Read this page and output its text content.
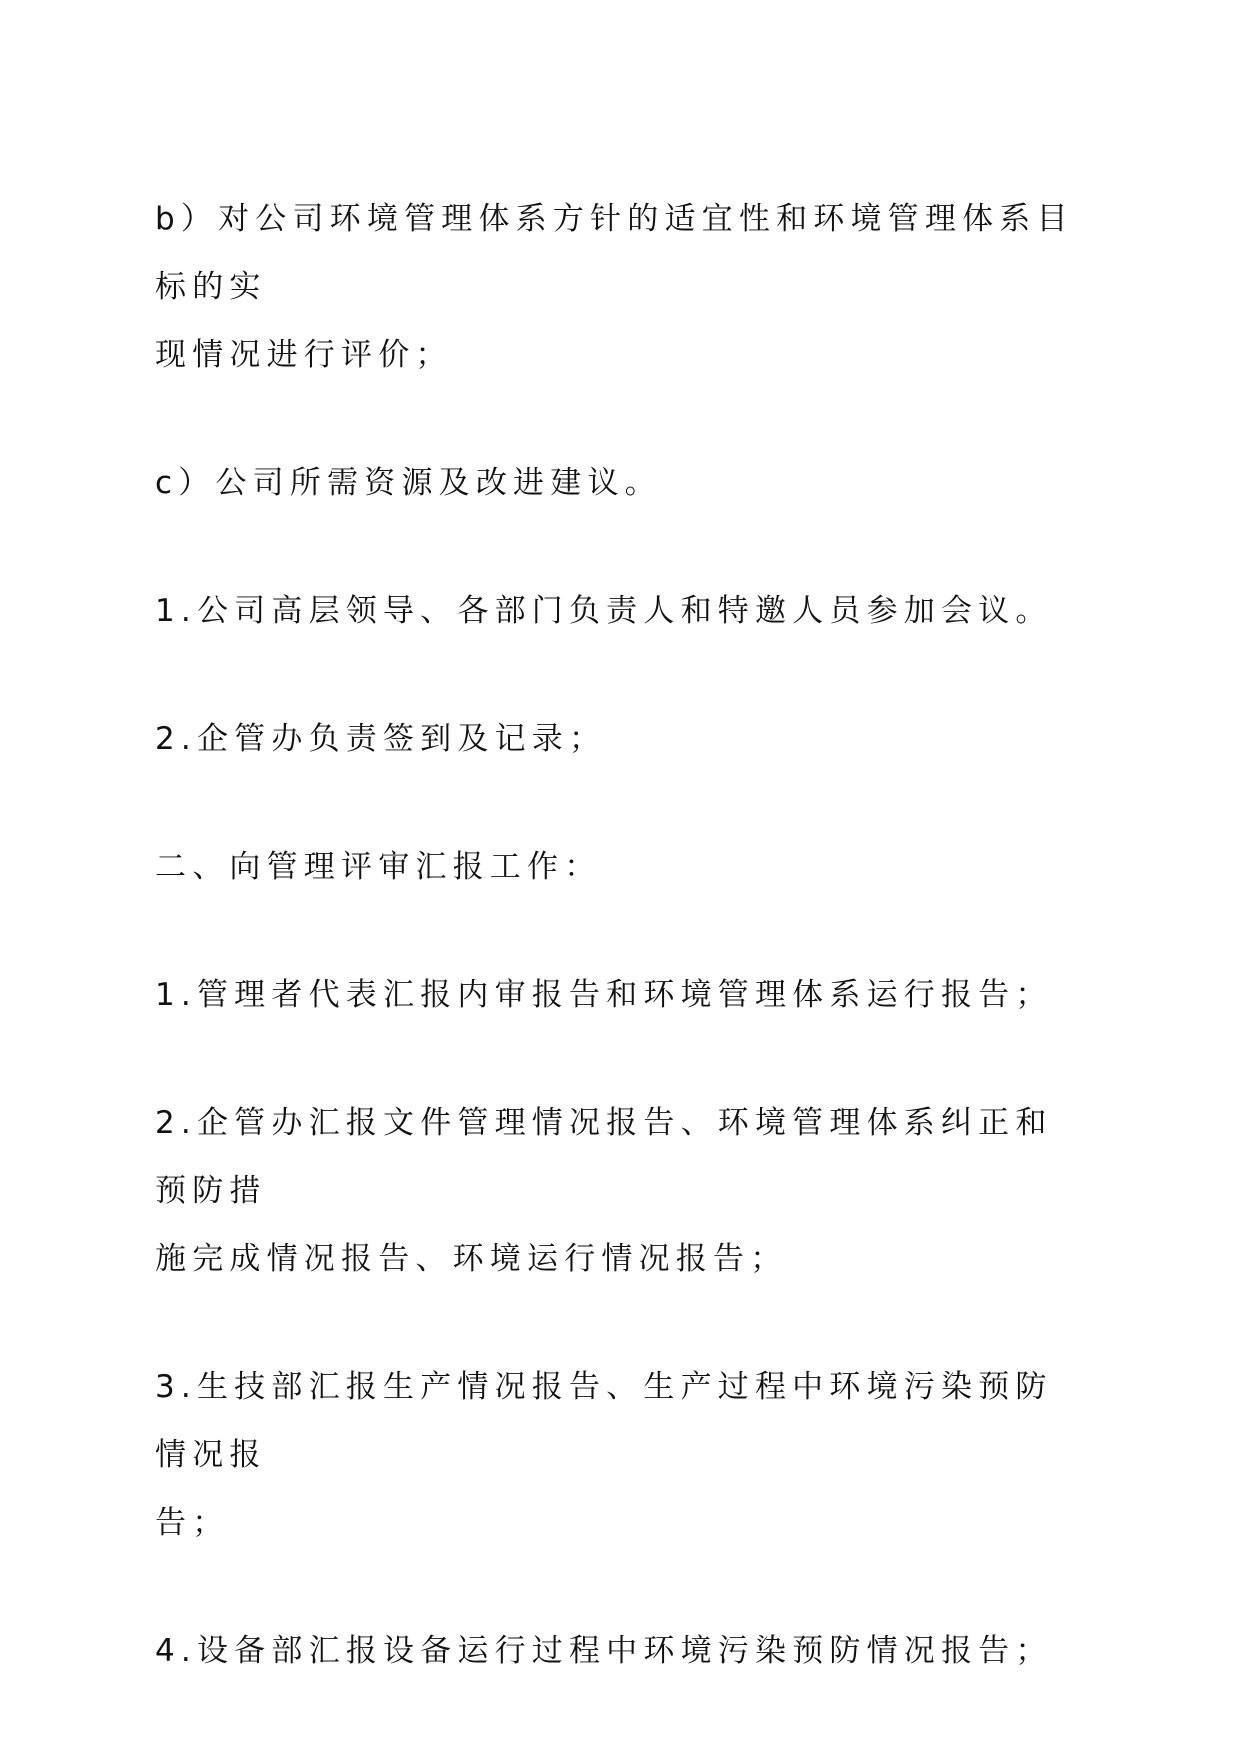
b）对公司环境管理体系方针的适宜性和环境管理体系目标的实
现情况进行评价；
c）公司所需资源及改进建议。
1.公司高层领导、各部门负责人和特邀人员参加会议。
2.企管办负责签到及记录；
二、向管理评审汇报工作：
1.管理者代表汇报内审报告和环境管理体系运行报告；
2.企管办汇报文件管理情况报告、环境管理体系纠正和预防措
施完成情况报告、环境运行情况报告；
3.生技部汇报生产情况报告、生产过程中环境污染预防情况报
告；
4.设备部汇报设备运行过程中环境污染预防情况报告；
